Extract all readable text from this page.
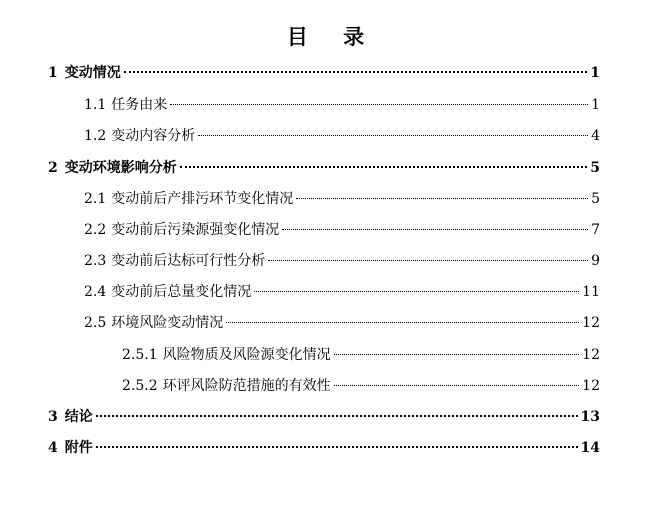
目 录
1 变动情况	1
1.1 任务由来	1
1.2 变动内容分析	4
2 变动环境影响分析	5
2.1 变动前后产排污环节变化情况	5
2.2 变动前后污染源强变化情况	7
2.3 变动前后达标可行性分析	9
2.4 变动前后总量变化情况	11
2.5 环境风险变动情况	12
2.5.1 风险物质及风险源变化情况	12
2.5.2 环评风险防范措施的有效性	12
3 结论	13
4 附件	14
